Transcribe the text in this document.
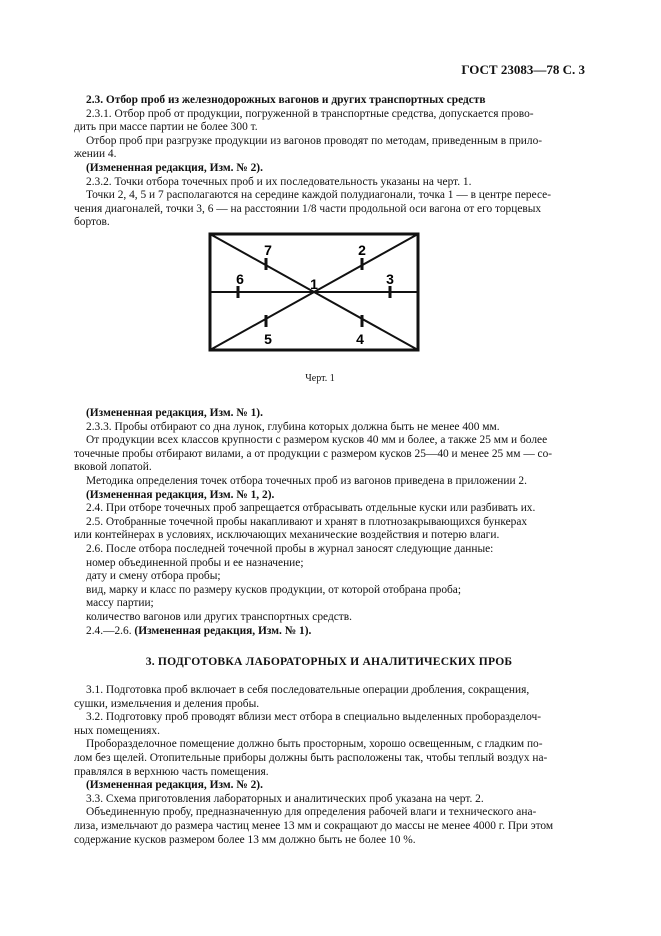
ГОСТ 23083—78 С. 3

2.3. Отбор проб из железнодорожных вагонов и других транспортных средств

2.3.1. Отбор проб от продукции, погруженной в транспортные средства, допускается прово-

дить при массе партии не более 300 т.

Отбор проб при разгрузке продукции из вагонов проводят по методам, приведенным в прило-

жении 4.

(Измененная редакция, Изм. № 2).

2.3.2. Точки отбора точечных проб и их последовательность указаны на черт. 1.

Точки 2, 4, 5 и 7 располагаются на середине каждой полудиагонали, точка 1 — в центре пересе-

чения диагоналей, точки 3, 6 — на расстоянии 1/8 части продольной оси вагона от его торцевых

бортов.

1
2
3
4
5
6
7
Черт. 1

(Измененная редакция, Изм. № 1).

2.3.3. Пробы отбирают со дна лунок, глубина которых должна быть не менее 400 мм.

От продукции всех классов крупности с размером кусков 40 мм и более, а также 25 мм и более

точечные пробы отбирают вилами, а от продукции с размером кусков 25—40 и менее 25 мм — со-

вковой лопатой.

Методика определения точек отбора точечных проб из вагонов приведена в приложении 2.

(Измененная редакция, Изм. № 1, 2).

2.4. При отборе точечных проб запрещается отбрасывать отдельные куски или разбивать их.

2.5. Отобранные точечной пробы накапливают и хранят в плотнозакрывающихся бункерах

или контейнерах в условиях, исключающих механические воздействия и потерю влаги.

2.6. После отбора последней точечной пробы в журнал заносят следующие данные:

номер объединенной пробы и ее назначение;

дату и смену отбора пробы;

вид, марку и класс по размеру кусков продукции, от которой отобрана проба;

массу партии;

количество вагонов или других транспортных средств.

2.4.—2.6. (Измененная редакция, Изм. № 1).

3. ПОДГОТОВКА ЛАБОРАТОРНЫХ И АНАЛИТИЧЕСКИХ ПРОБ

3.1. Подготовка проб включает в себя последовательные операции дробления, сокращения,

сушки, измельчения и деления пробы.

3.2. Подготовку проб проводят вблизи мест отбора в специально выделенных проборазделоч-

ных помещениях.

Проборазделочное помещение должно быть просторным, хорошо освещенным, с гладким по-

лом без щелей. Отопительные приборы должны быть расположены так, чтобы теплый воздух на-

правлялся в верхнюю часть помещения.

(Измененная редакция, Изм. № 2).

3.3. Схема приготовления лабораторных и аналитических проб указана на черт. 2.

Объединенную пробу, предназначенную для определения рабочей влаги и технического ана-

лиза, измельчают до размера частиц менее 13 мм и сокращают до массы не менее 4000 г. При этом

содержание кусков размером более 13 мм должно быть не более 10 %.
